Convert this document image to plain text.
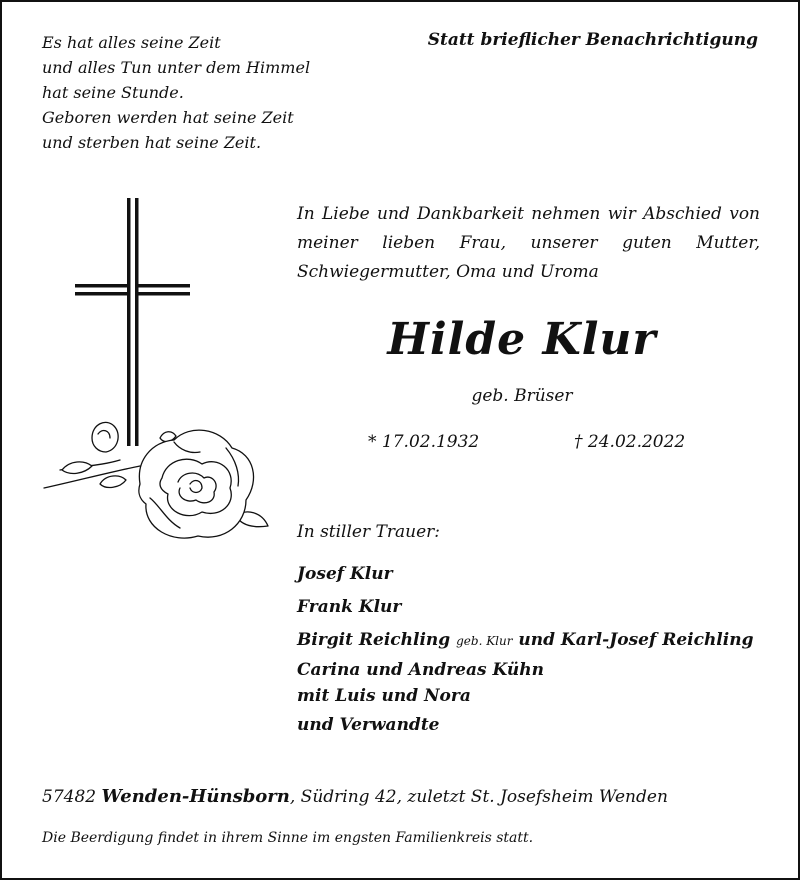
Es hat alles seine Zeit
und alles Tun unter dem Himmel
hat seine Stunde.
Geboren werden hat seine Zeit
und sterben hat seine Zeit.
Statt brieflicher Benachrichtigung
In Liebe und Dankbarkeit nehmen wir Abschied von meiner lieben Frau, unserer guten Mutter, Schwiegermutter, Oma und Uroma
Hilde Klur
geb. Brüser
* 17.02.1932	† 24.02.2022
In stiller Trauer:
Josef Klur
Frank Klur
Birgit Reichling geb. Klur und Karl-Josef Reichling
Carina und Andreas Kühn
mit Luis und Nora
und Verwandte
57482 Wenden-Hünsborn, Südring 42, zuletzt St. Josefsheim Wenden
Die Beerdigung findet in ihrem Sinne im engsten Familienkreis statt.
